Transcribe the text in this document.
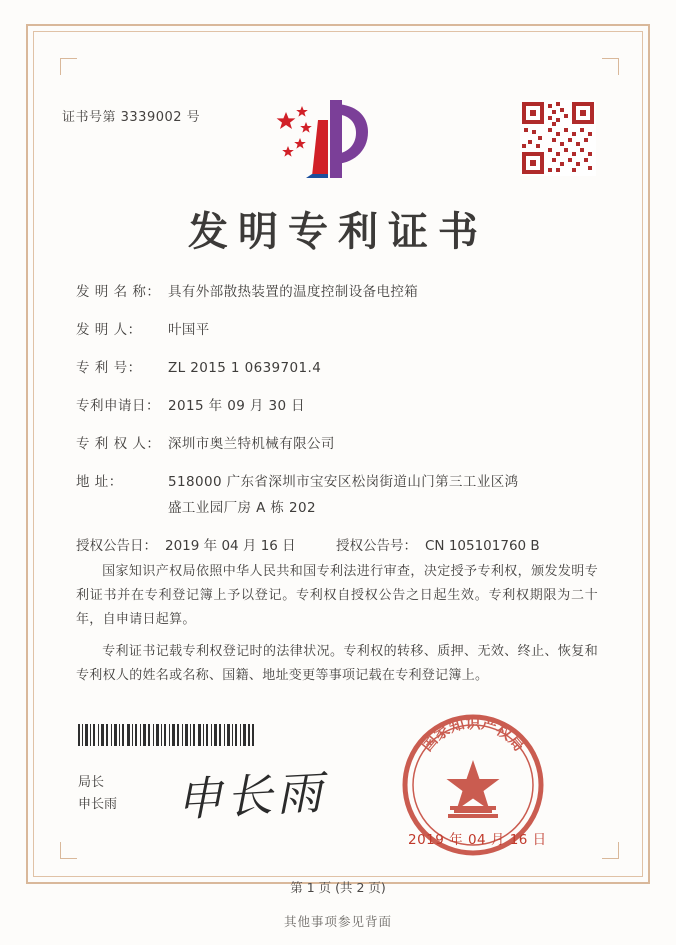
证书号第 3339002 号
发明专利证书
发 明 名 称： 具有外部散热装置的温度控制设备电控箱
发 明 人：	叶国平
专 利 号：	ZL 2015 1 0639701.4
专利申请日： 2015 年 09 月 30 日
专 利 权 人： 深圳市奥兰特机械有限公司
地 址：	518000 广东省深圳市宝安区松岗街道山门第三工业区鸿
盛工业园厂房 A 栋 202
授权公告日： 2019 年 04 月 16 日	授权公告号： CN 105101760 B
国家知识产权局依照中华人民共和国专利法进行审查，决定授予专利权，颁发发明专利证书并在专利登记簿上予以登记。专利权自授权公告之日起生效。专利权期限为二十年，自申请日起算。
专利证书记载专利权登记时的法律状况。专利权的转移、质押、无效、终止、恢复和专利权人的姓名或名称、国籍、地址变更等事项记载在专利登记簿上。
局长
申长雨 申长雨
国家知识产权局
2019 年 04 月 16 日
第 1 页 (共 2 页)
其他事项参见背面
